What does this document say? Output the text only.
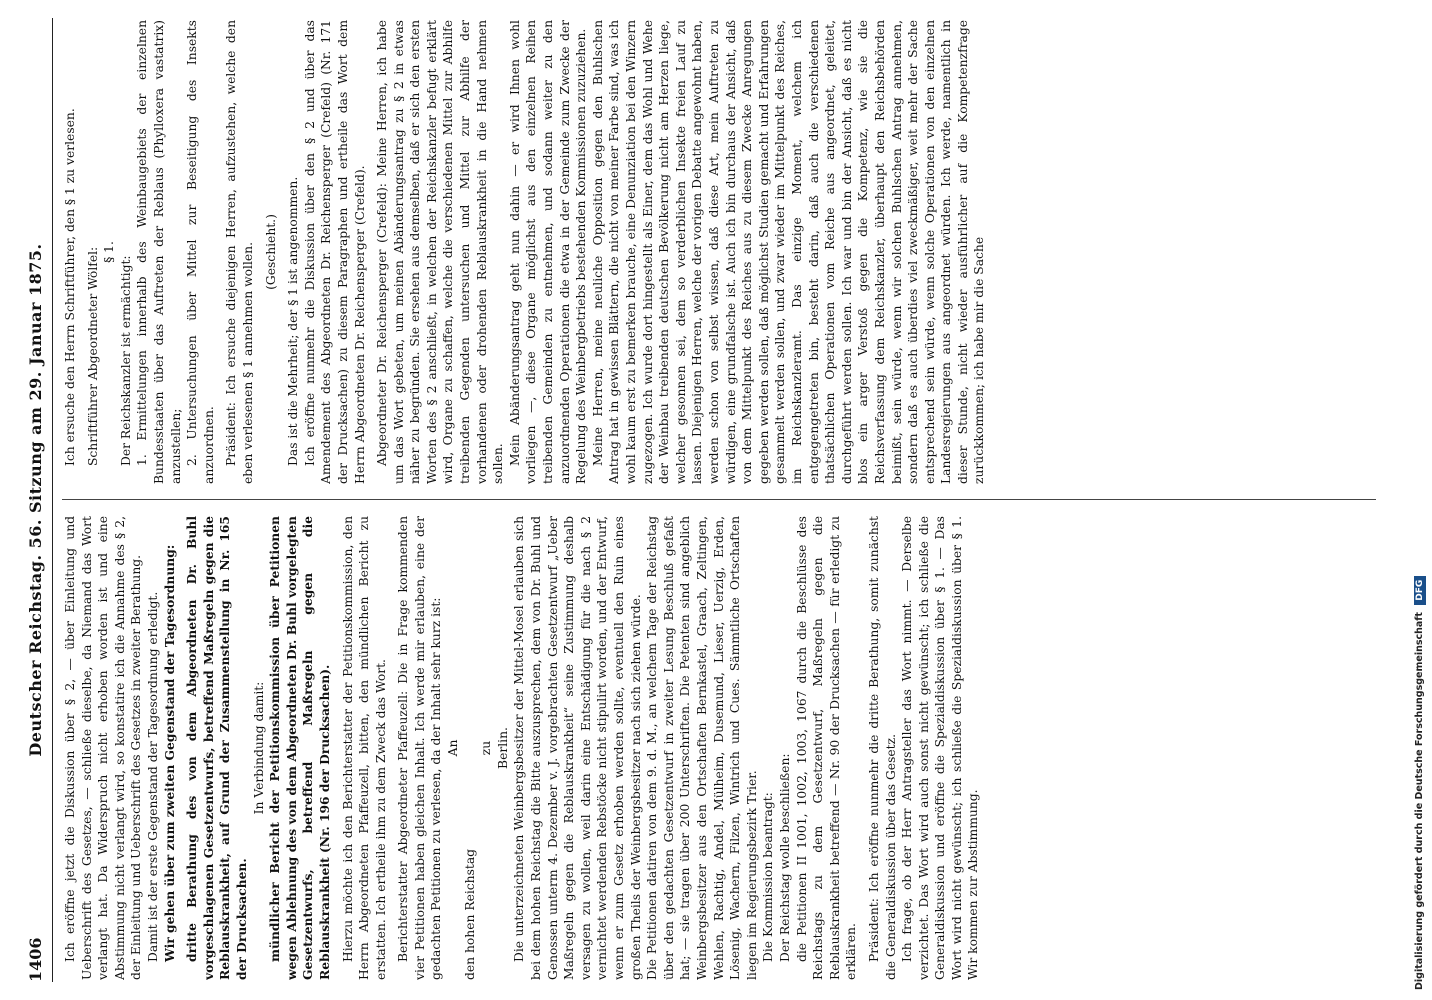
1406
Deutscher Reichstag. 56. Sitzung am 29. Januar 1875. Ich eröffne jetzt die Diskussion über § 2, — über Einleitung und Ueberschrift des Gesetzes, — schließe dieselbe, da Niemand das Wort verlangt hat. Da Widerspruch nicht erhoben worden ist und eine Abstimmung nicht verlangt wird, so konstatire ich die Annahme des § 2, der Einleitung und Ueberschrift des Gesetzes in zweiter Berathung. Damit ist der erste Gegenstand der Tagesordnung erledigt. Wir gehen über zum zweiten Gegenstand der Tagesordnung: dritte Berathung des von dem Abgeordneten Dr. Buhl vorgeschlagenen Gesetzentwurfs, betreffend Maßregeln gegen die Reblauskrankheit, auf Grund der Zusammenstellung in Nr. 165 der Drucksachen.

In Verbindung damit: mündlicher Bericht der Petitionskommission über Petitionen wegen Ablehnung des von dem Abgeordneten Dr. Buhl vorgelegten Gesetzentwurfs, betreffend Maßregeln gegen die Reblauskrankheit (Nr. 196 der Drucksachen). Hierzu möchte ich den Berichterstatter der Petitionskommission, den Herrn Abgeordneten Pfaffeuzell, bitten, den mündlichen Bericht zu erstatten. Ich ertheile ihm zu dem Zweck das Wort. Berichterstatter Abgeordneter Pfaffeuzell: Die in Frage kommenden vier Petitionen haben gleichen Inhalt. Ich werde mir erlauben, eine der gedachten Petitionen zu verlesen, da der Inhalt sehr kurz ist: An

den hohen Reichstag

zu Berlin. Die unterzeichneten Weinbergsbesitzer der Mittel-Mosel erlauben sich bei dem hohen Reichstag die Bitte auszusprechen, dem von Dr. Buhl und Genossen unterm 4. Dezember v. J. vorgebrachten Gesetzentwurf „Ueber Maßregeln gegen die Reblauskrankheit“ seine Zustimmung deshalb versagen zu wollen, weil darin eine Entschädigung für die nach § 2 vernichtet werdenden Rebstöcke nicht stipulirt worden, und der Entwurf, wenn er zum Gesetz erhoben werden sollte, eventuell den Ruin eines großen Theils der Weinbergsbesitzer nach sich ziehen würde. Die Petitionen datiren von dem 9. d. M., an welchem Tage der Reichstag über den gedachten Gesetzentwurf in zweiter Lesung Beschluß gefaßt hat; — sie tragen über 200 Unterschriften. Die Petenten sind angeblich Weinbergsbesitzer aus den Ortschaften Bernkastel, Graach, Zeltingen, Wehlen, Rachtig, Andel, Mülheim, Dusemund, Lieser, Uerzig, Erden, Lösenig, Wachern, Filzen, Wintrich und Cues. Sämmtliche Ortschaften liegen im Regierungsbezirk Trier. Die Kommission beantragt: Der Reichstag wolle beschließen: die Petitionen II 1001, 1002, 1003, 1067 durch die Beschlüsse des Reichstags zu dem Gesetzentwurf, Maßregeln gegen die Reblauskrankheit betreffend — Nr. 90 der Drucksachen — für erledigt zu erklären. Präsident: Ich eröffne nunmehr die dritte Berathung, somit zunächst die Generaldiskussion über das Gesetz. Ich frage, ob der Herr Antragsteller das Wort nimmt. — Derselbe verzichtet. Das Wort wird auch sonst nicht gewünscht; ich schließe die Generaldiskussion und eröffne die Spezialdiskussion über § 1. — Das Wort wird nicht gewünscht; ich schließe die Spezialdiskussion über § 1. Wir kommen zur Abstimmung.

Ich ersuche den Herrn Schriftführer, den § 1 zu verlesen. Schriftführer Abgeordneter Wölfel: § 1.

Der Reichskanzler ist ermächtigt: 1. Ermittelungen innerhalb des Weinbaugebiets der einzelnen Bundesstaaten über das Auftreten der Reblaus (Phylloxera vastatrix) anzustellen; 2. Untersuchungen über Mittel zur Beseitigung des Insekts anzuordnen. Präsident: Ich ersuche diejenigen Herren, aufzustehen, welche den eben verlesenen § 1 annehmen wollen. (Geschieht.) Das ist die Mehrheit; der § 1 ist angenommen. Ich eröffne nunmehr die Diskussion über den § 2 und über das Amendement des Abgeordneten Dr. Reichensperger (Crefeld) (Nr. 171 der Drucksachen) zu diesem Paragraphen und ertheile das Wort dem Herrn Abgeordneten Dr. Reichensperger (Crefeld). Abgeordneter Dr. Reichensperger (Crefeld): Meine Herren, ich habe um das Wort gebeten, um meinen Abänderungsantrag zu § 2 in etwas näher zu begründen. Sie ersehen aus demselben, daß er sich den ersten Worten des § 2 anschließt, in welchen der Reichskanzler befugt erklärt wird, Organe zu schaffen, welche die verschiedenen Mittel zur Abhilfe treibenden Gegenden untersuchen und Mittel zur Abhilfe der vorhandenen oder drohenden Reblauskrankheit in die Hand nehmen sollen. Mein Abänderungsantrag geht nun dahin — er wird Ihnen wohl vorliegen —, diese Organe möglichst aus den einzelnen Reihen treibenden Gemeinden zu entnehmen, und sodann weiter zu den anzuordnenden Operationen die etwa in der Gemeinde zum Zwecke der Regelung des Weinbergbetriebs bestehenden Kommissionen zuzuziehen. Meine Herren, meine neuliche Opposition gegen den Buhlschen Antrag hat in gewissen Blättern, die nicht von meiner Farbe sind, was ich wohl kaum erst zu bemerken brauche, eine Denunziation bei den Winzern zugezogen. Ich wurde dort hingestellt als Einer, dem das Wohl und Wehe der Weinbau treibenden deutschen Bevölkerung nicht am Herzen liege, welcher gesonnen sei, dem so verderblichen Insekte freien Lauf zu lassen. Diejenigen Herren, welche der vorigen Debatte angewohnt haben, werden schon von selbst wissen, daß diese Art, mein Auftreten zu würdigen, eine grundfalsche ist. Auch ich bin durchaus der Ansicht, daß von dem Mittelpunkt des Reiches aus zu diesem Zwecke Anregungen gegeben werden sollen, daß möglichst Studien gemacht und Erfahrungen gesammelt werden sollen, und zwar wieder im Mittelpunkt des Reiches, im Reichskanzleramt. Das einzige Moment, welchem ich entgegengetreten bin, besteht darin, daß auch die verschiedenen thatsächlichen Operationen vom Reiche aus angeordnet, geleitet, durchgeführt werden sollen. Ich war und bin der Ansicht, daß es nicht blos ein arger Verstoß gegen die Kompetenz, wie sie die Reichsverfassung dem Reichskanzler, überhaupt den Reichsbehörden beimißt, sein würde, wenn wir solchen Buhlschen Antrag annehmen, sondern daß es auch überdies viel zweckmäßiger, weit mehr der Sache entsprechend sein würde, wenn solche Operationen von den einzelnen Landesregierungen aus angeordnet würden. Ich werde, namentlich in dieser Stunde, nicht wieder ausführlicher auf die Kompetenzfrage zurückkommen; ich habe mir die Sache

Digitalisierung gefördert durch die Deutsche Forschungsgemeinschaft DFG
